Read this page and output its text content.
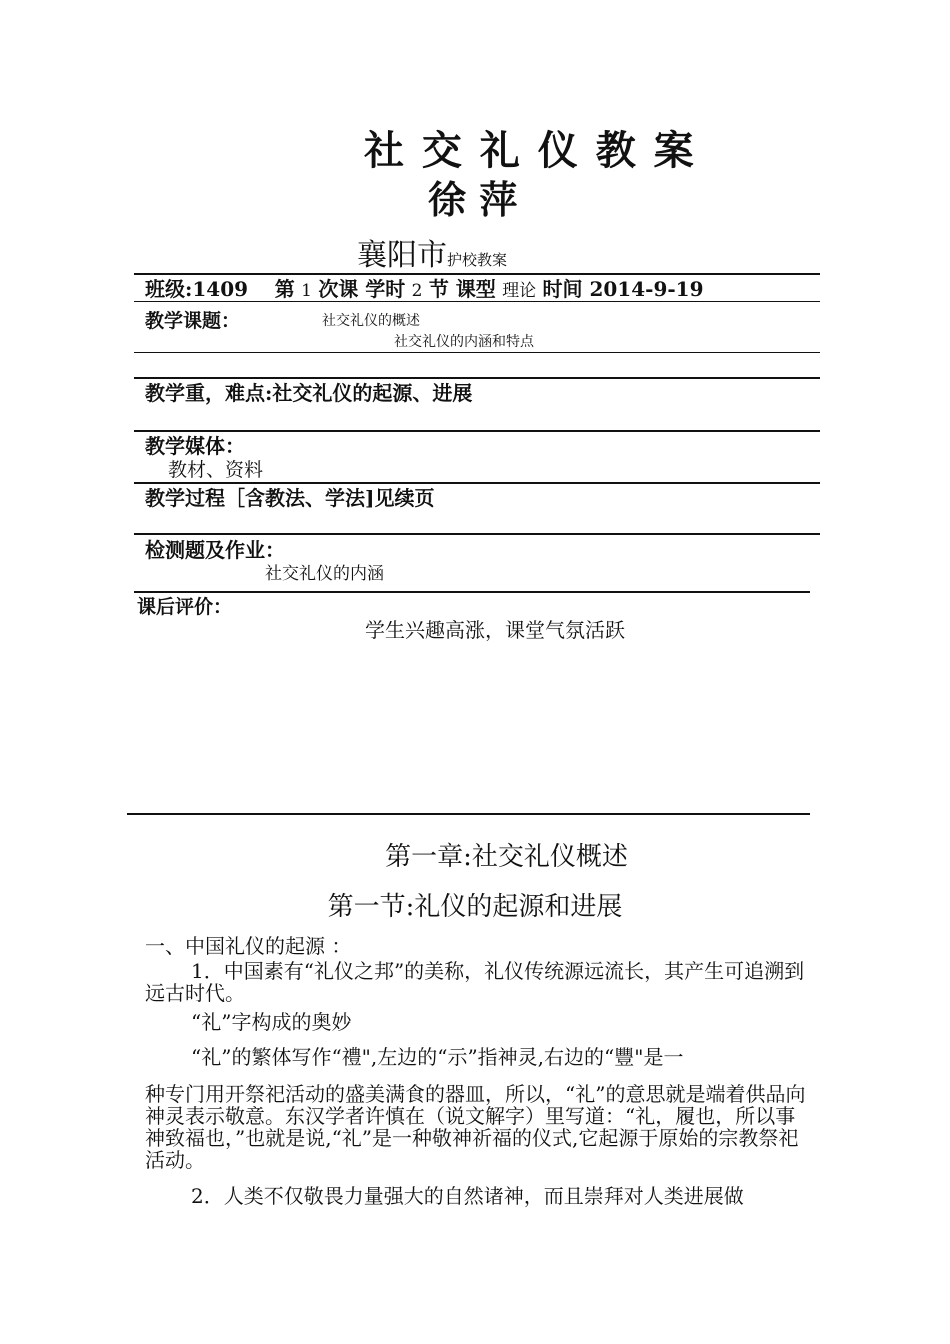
社 交 礼 仪 教 案
徐 萍
襄阳市护校教案
班级:1409 第 1 次课 学时 2 节 课型 理论 时间 2014-9-19
教学课题：	社交礼仪的概述
社交礼仪的内涵和特点
教学重，难点:社交礼仪的起源、进展
教学媒体：
教材、资料
教学过程［含教法、学法]见续页
检测题及作业：
社交礼仪的内涵
课后评价：
学生兴趣高涨，课堂气氛活跃
第一章:社交礼仪概述
第一节:礼仪的起源和进展
一、中国礼仪的起源 ：
1．中国素有“礼仪之邦”的美称，礼仪传统源远流长，其产生可追溯到远古时代。
“礼”字构成的奥妙
“礼”的繁体写作“禮",左边的“示”指神灵,右边的“豐"是一
种专门用开祭祀活动的盛美满食的器皿，所以，“礼”的意思就是端着供品向神灵表示敬意。东汉学者许慎在（说文解字）里写道：“礼，履也，所以事神致福也，”也就是说,“礼”是一种敬神祈福的仪式,它起源于原始的宗教祭祀活动。
2．人类不仅敬畏力量强大的自然诸神，而且崇拜对人类进展做
